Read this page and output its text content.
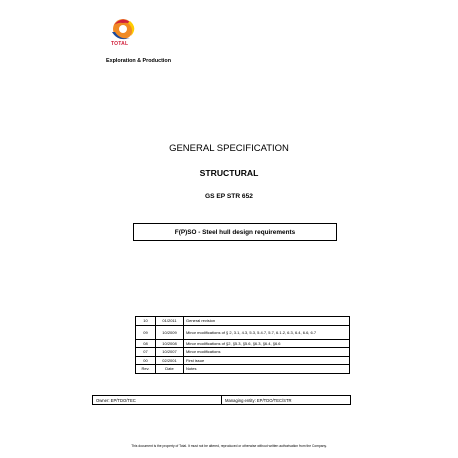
TOTAL
Exploration & Production
GENERAL SPECIFICATION
STRUCTURAL
GS EP STR 652
F(P)SO - Steel hull design requirements
10	01/2011	General revision
09	10/2009	Minor modifications of § 2, 3.1, 4.3, 5.3, 5.4.7, 5.7, 6.1.2, 6.3, 6.4, 6.6, 6.7
08	10/2008	Minor modifications of §2, §5.3, §5.6, §6.3, §6.4, §6.6
07	10/2007	Minor modifications
00	02/2001	First issue
Rev.	Date	Notes
Owner: EP/TDO/TEC	Managing entity: EP/TDO/TEC/STR
This document is the property of Total. It must not be altered, reproduced or otherwise without written authorisation from the Company.
